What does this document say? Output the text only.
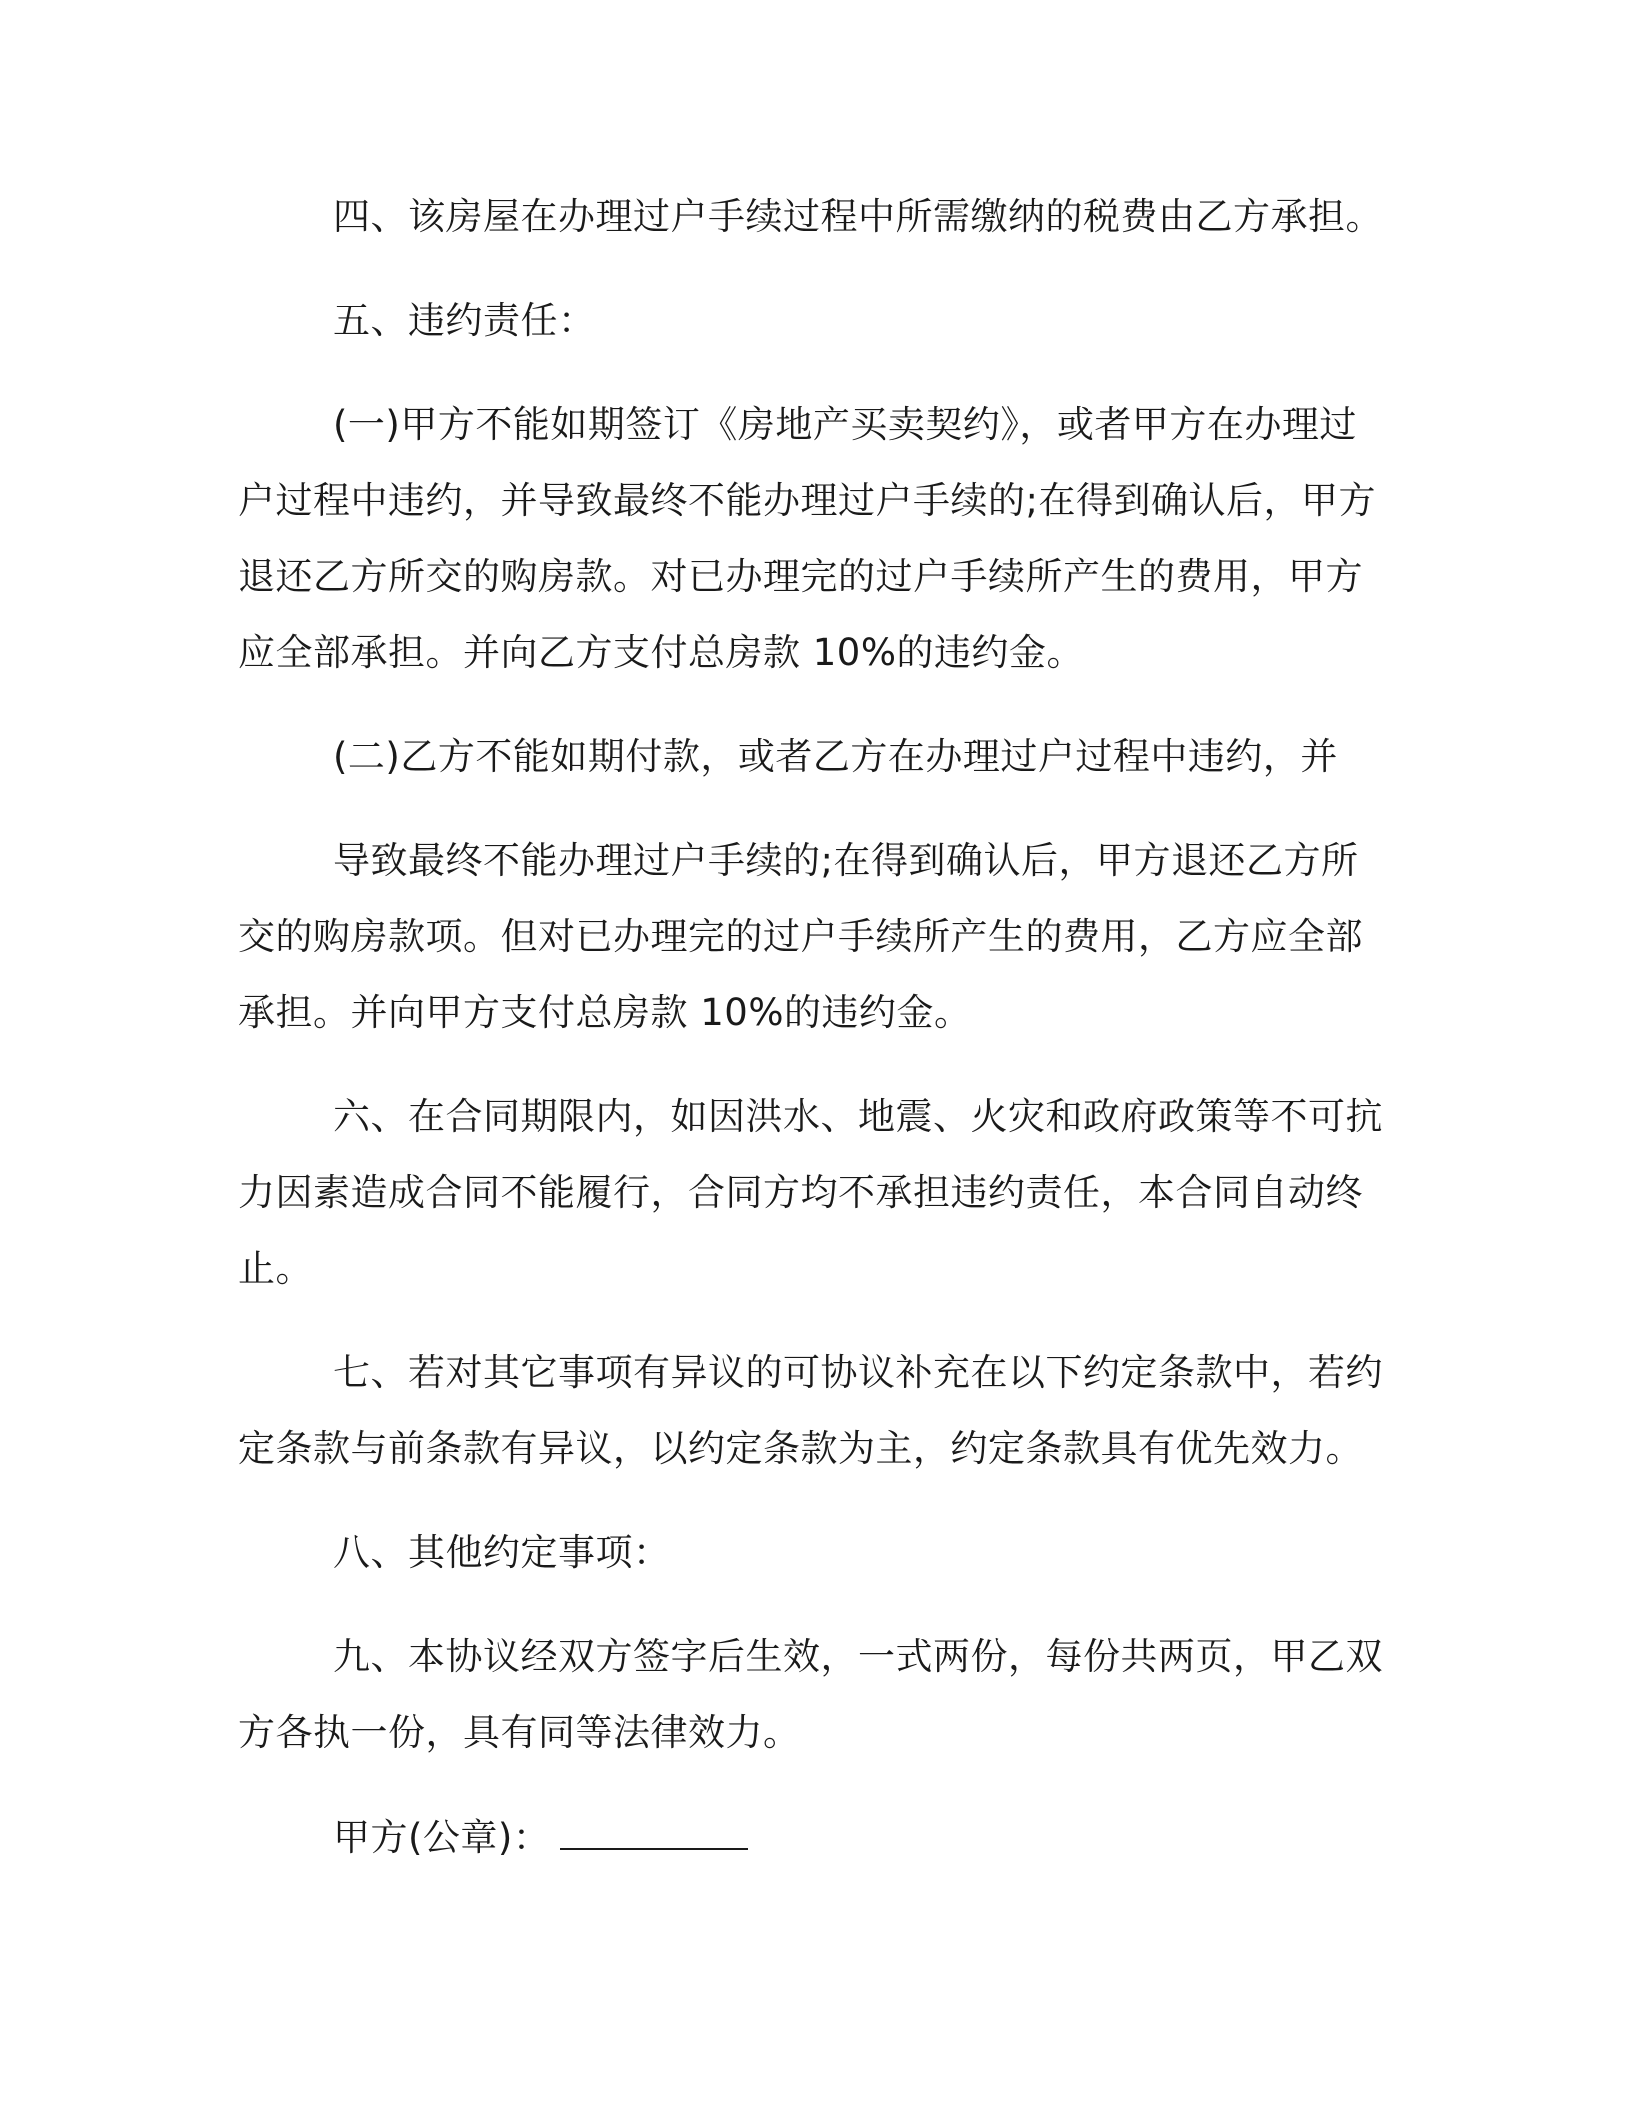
四、该房屋在办理过户手续过程中所需缴纳的税费由乙方承担。
五、违约责任：
(一)甲方不能如期签订《房地产买卖契约》，或者甲方在办理过
户过程中违约，并导致最终不能办理过户手续的;在得到确认后，甲方
退还乙方所交的购房款。对已办理完的过户手续所产生的费用，甲方
应全部承担。并向乙方支付总房款 10%的违约金。
(二)乙方不能如期付款，或者乙方在办理过户过程中违约，并
导致最终不能办理过户手续的;在得到确认后，甲方退还乙方所
交的购房款项。但对已办理完的过户手续所产生的费用，乙方应全部
承担。并向甲方支付总房款 10%的违约金。
六、在合同期限内，如因洪水、地震、火灾和政府政策等不可抗
力因素造成合同不能履行，合同方均不承担违约责任，本合同自动终
止。
七、若对其它事项有异议的可协议补充在以下约定条款中，若约
定条款与前条款有异议，以约定条款为主，约定条款具有优先效力。
八、其他约定事项：
九、本协议经双方签字后生效，一式两份，每份共两页，甲乙双
方各执一份，具有同等法律效力。
甲方(公章)：
